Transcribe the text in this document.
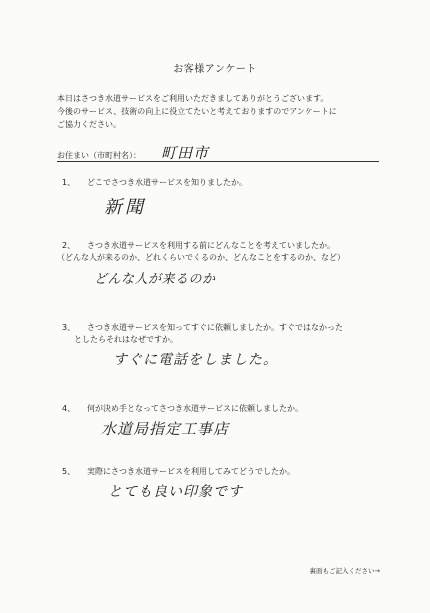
お客様アンケート
本日はさつき水道サービスをご利用いただきましてありがとうございます。
今後のサービス、技術の向上に役立てたいと考えておりますのでアンケートに
ご協力ください。
お住まい（市町村名）： 町田市
1、 どこでさつき水道サービスを知りましたか。
新聞
2、 さつき水道サービスを利用する前にどんなことを考えていましたか。
（どんな人が来るのか、どれくらいでくるのか、どんなことをするのか、など）
どんな人が来るのか
3、 さつき水道サービスを知ってすぐに依頼しましたか。すぐではなかった
としたらそれはなぜですか。
すぐに電話をしました。
4、 何が決め手となってさつき水道サービスに依頼しましたか。
水道局指定工事店
5、 実際にさつき水道サービスを利用してみてどうでしたか。
とても良い印象です
裏面もご記入ください→
